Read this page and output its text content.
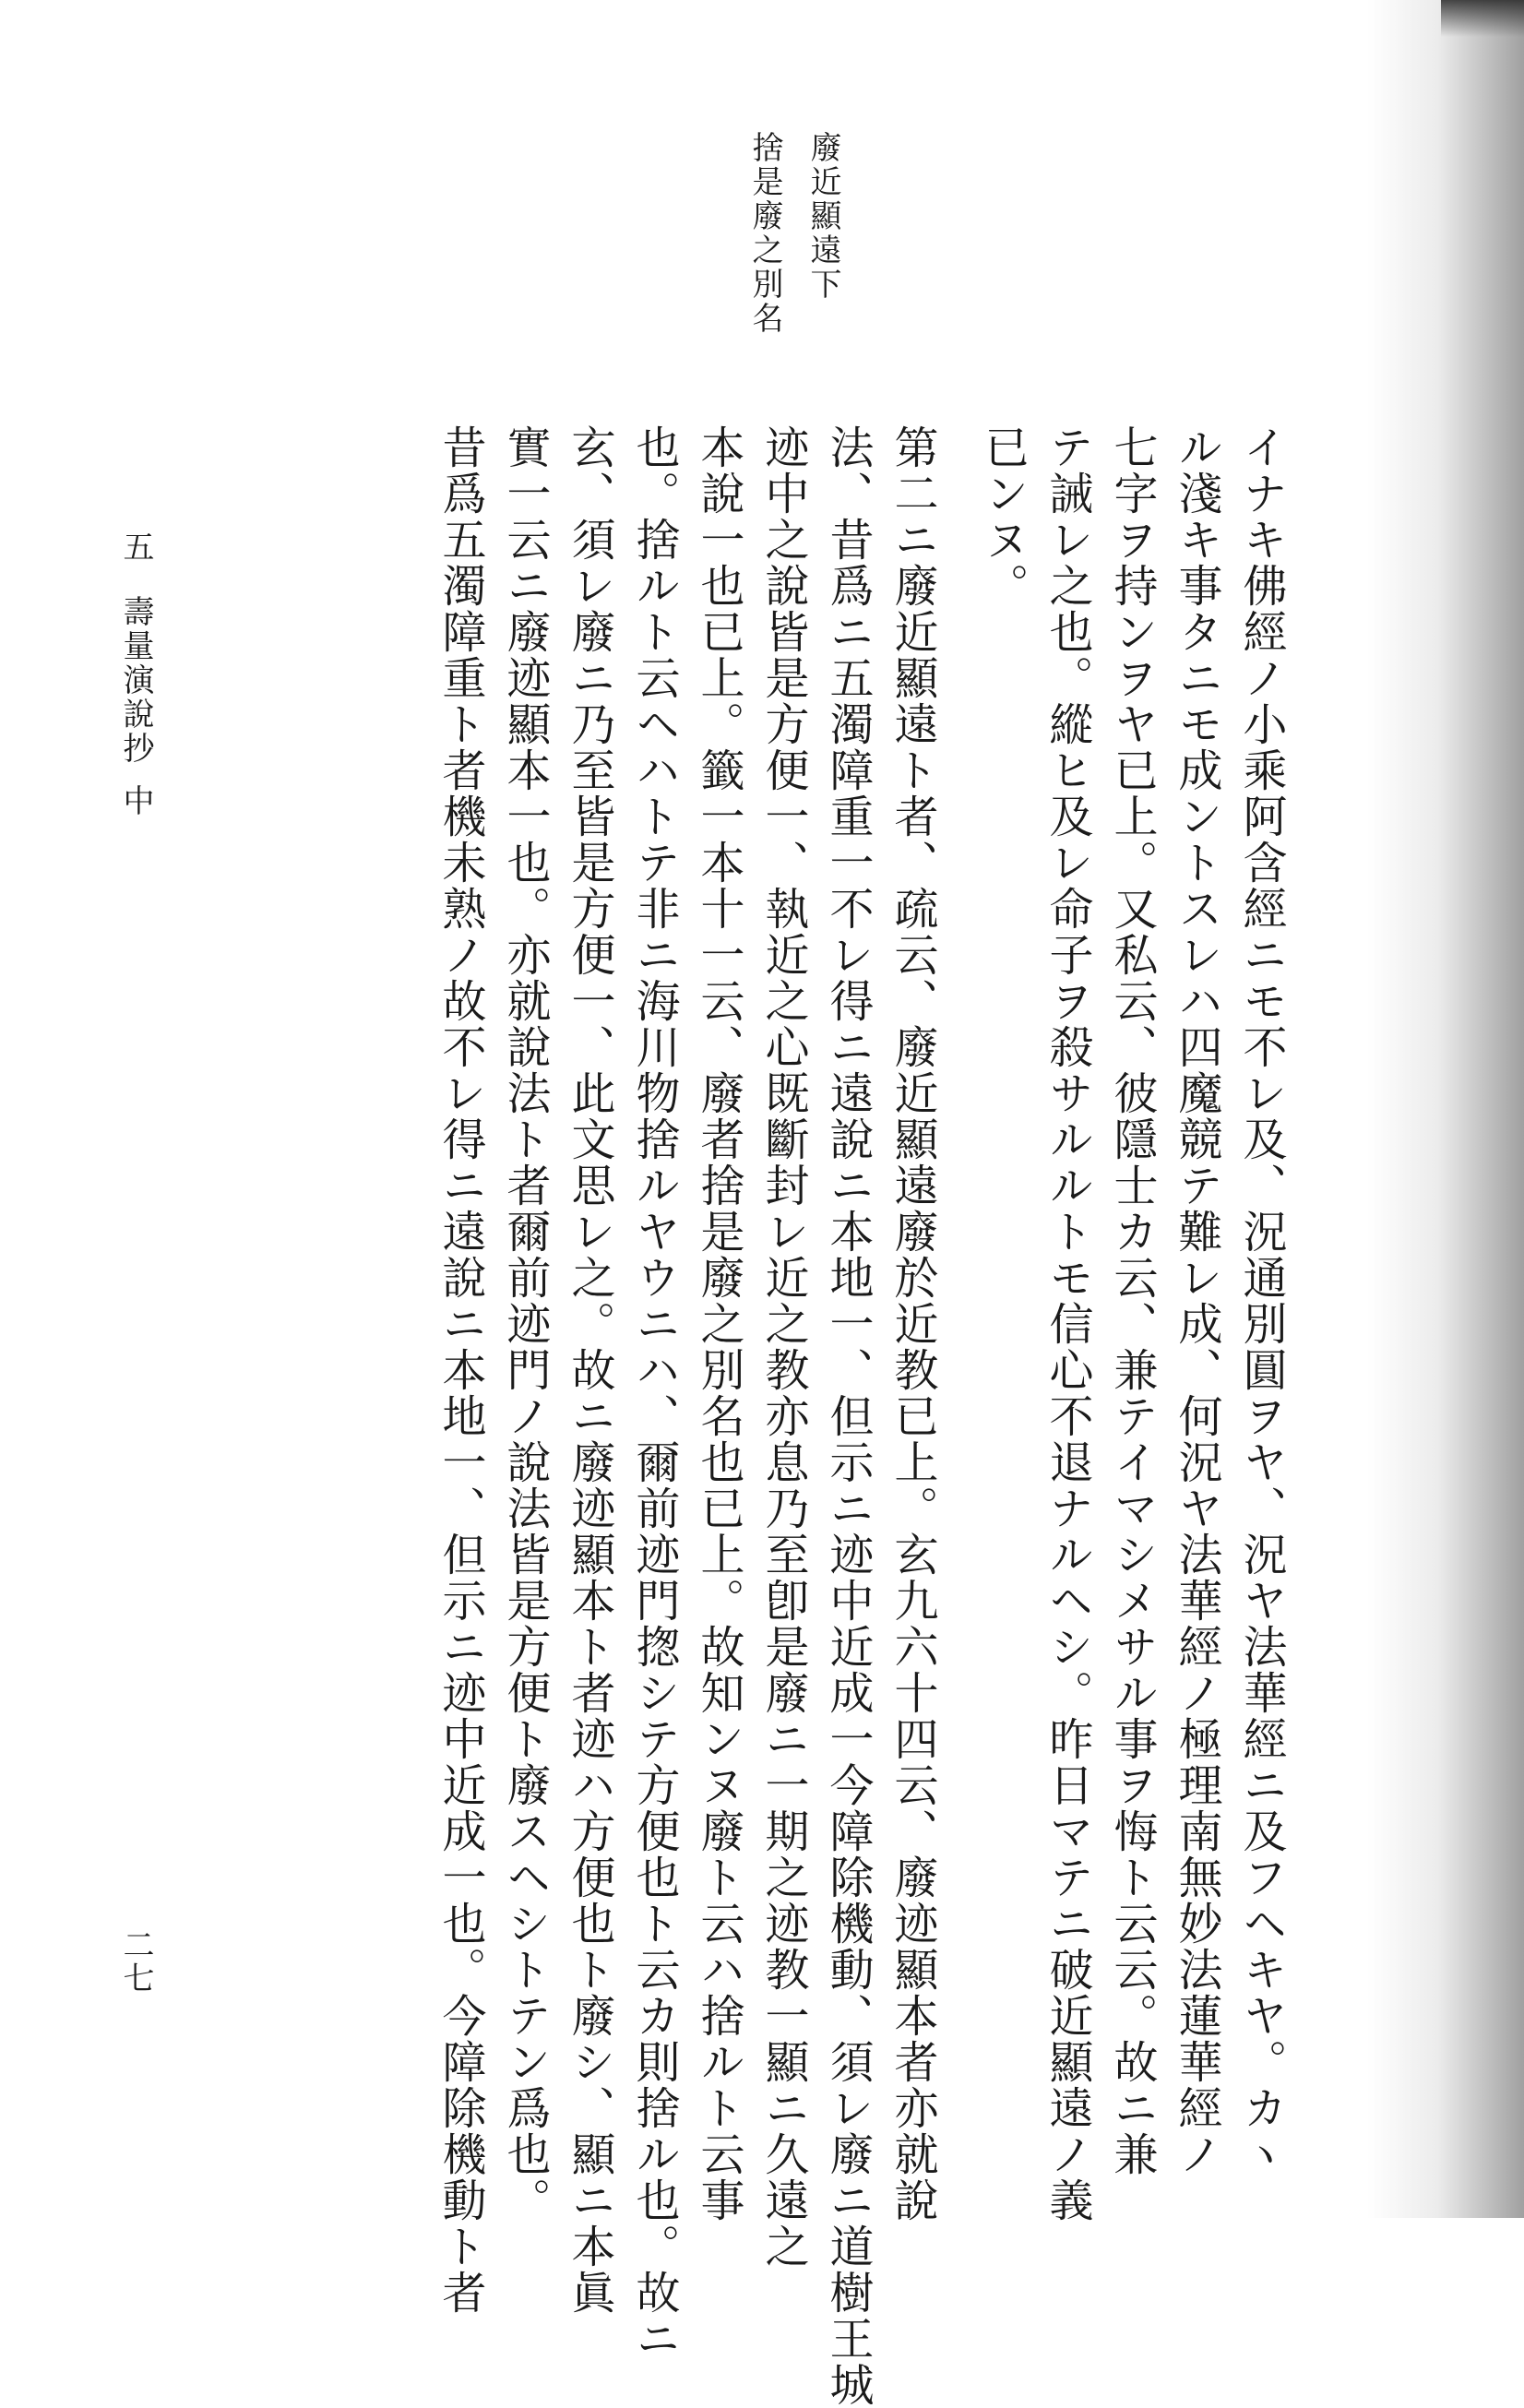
廢近顯遠下
捨是廢之別名
イナキ佛經ノ小乘阿含經ニモ不レ及、況通別圓ヲヤ、況ヤ法華經ニ及フヘキヤ。カヽ
ル淺キ事タニモ成ントスレハ四魔競テ難レ成、何況ヤ法華經ノ極理南無妙法蓮華經ノ
七字ヲ持ンヲヤ已上。又私云、彼隱士カ云、兼テイマシメサル事ヲ悔ト云云。故ニ兼
テ誡レ之也。縱ヒ及レ命子ヲ殺サルルトモ信心不退ナルヘシ。昨日マテニ破近顯遠ノ義
已ンヌ。
第二ニ廢近顯遠ト者、疏云、廢近顯遠廢於近教已上。玄九六十四云、廢迹顯本者亦就說
法、昔爲ニ五濁障重一不レ得ニ遠說ニ本地一、但示ニ迹中近成一今障除機動、須レ廢ニ道樹王城
迹中之說皆是方便一、執近之心既斷封レ近之教亦息乃至卽是廢ニ一期之迹教一顯ニ久遠之
本說一也已上。籤一本十一云、廢者捨是廢之別名也已上。故知ンヌ廢ト云ハ捨ルト云事
也。捨ルト云ヘハトテ非ニ海川物捨ルヤウニハ、爾前迹門揔シテ方便也ト云カ則捨ル也。故ニ
玄、須レ廢ニ乃至皆是方便一、此文思レ之。故ニ廢迹顯本ト者迹ハ方便也ト廢シ、顯ニ本眞
實一云ニ廢迹顯本一也。亦就說法ト者爾前迹門ノ說法皆是方便ト廢スヘシトテン爲也。
昔爲五濁障重ト者機未熟ノ故不レ得ニ遠說ニ本地一、但示ニ迹中近成一也。今障除機動ト者
五
壽量演說抄
中
二七
